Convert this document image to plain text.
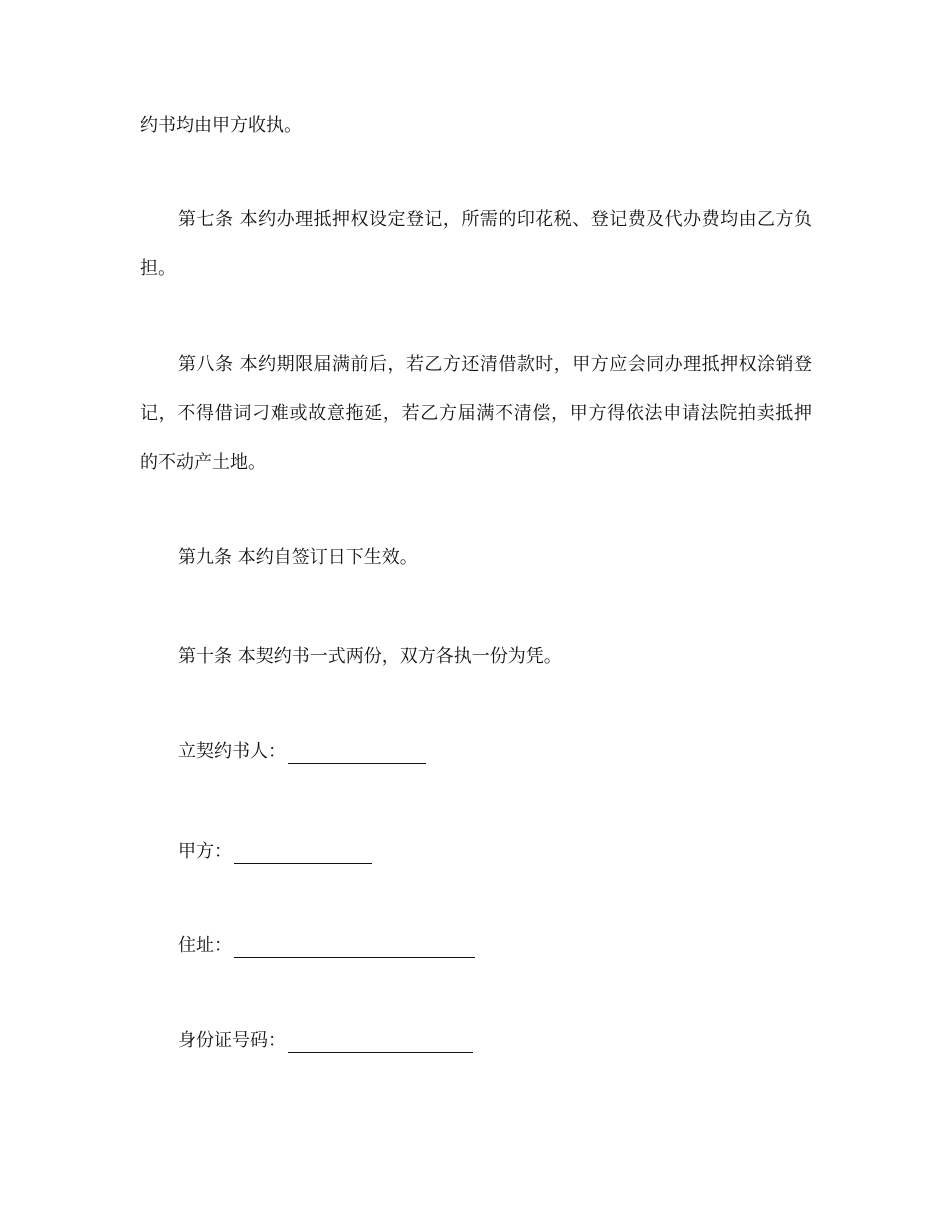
约书均由甲方收执。
第七条 本约办理抵押权设定登记，所需的印花税、登记费及代办费均由乙方负
担。
第八条 本约期限届满前后，若乙方还清借款时，甲方应会同办理抵押权涂销登
记，不得借词刁难或故意拖延，若乙方届满不清偿，甲方得依法申请法院拍卖抵押
的不动产土地。
第九条 本约自签订日下生效。
第十条 本契约书一式两份，双方各执一份为凭。
立契约书人：
甲方：
住址：
身份证号码：
